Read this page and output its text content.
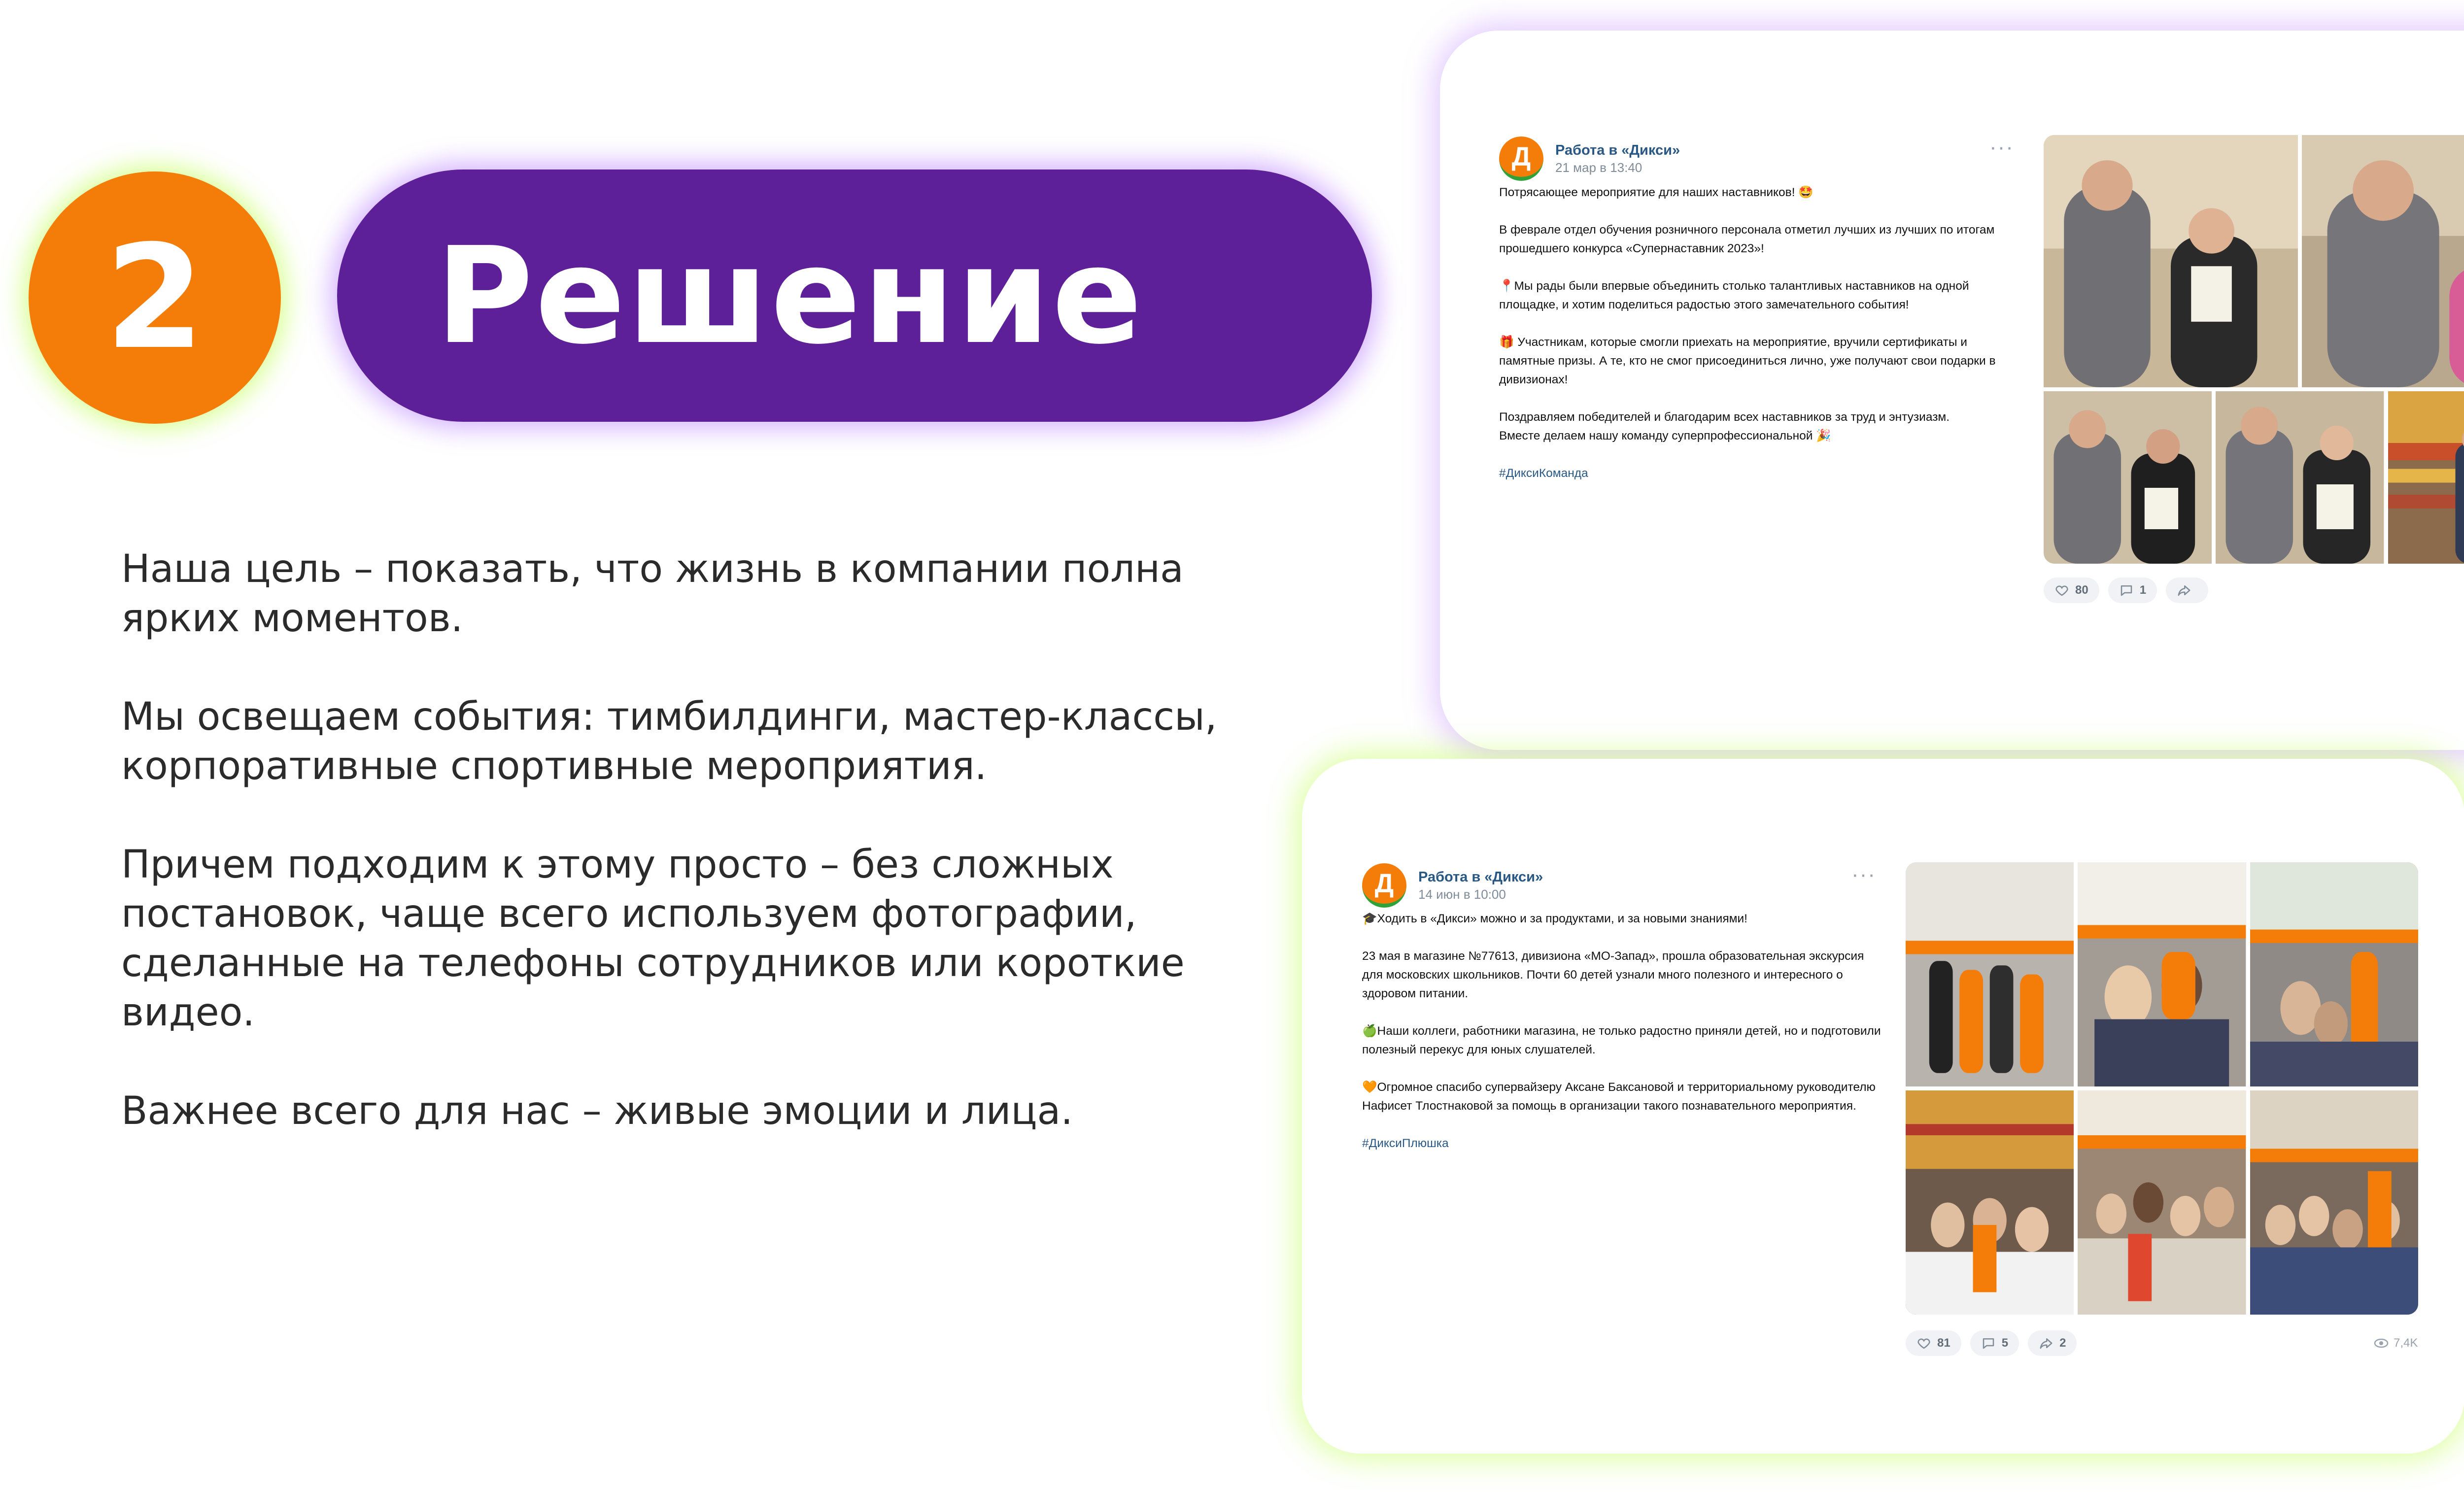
2	Решение

Наша цель – показать, что жизнь в компании полна ярких моментов.

Мы освещаем события: тимбилдинги, мастер-классы, корпоративные спортивные мероприятия.

Причем подходим к этому просто – без сложных постановок, чаще всего используем фотографии, сделанные на телефоны сотрудников или короткие видео.

Важнее всего для нас – живые эмоции и лица.

Д	Работа в «Дикси»
21 мар в 13:40
···

Потрясающее мероприятие для наших наставников! 🤩

В феврале отдел обучения розничного персонала отметил лучших из лучших по итогам прошедшего конкурса «Супернаставник 2023»!

📍Мы рады были впервые объединить столько талантливых наставников на одной площадке, и хотим поделиться радостью этого замечательного события!

🎁 Участникам, которые смогли приехать на мероприятие, вручили сертификаты и памятные призы. А те, кто не смог присоединиться лично, уже получают свои подарки в дивизионах!

Поздравляем победителей и благодарим всех наставников за труд и энтузиазм.

Вместе делаем нашу команду суперпрофессиональной 🎉

#ДиксиКоманда

80	1
Д	Работа в «Дикси»
14 июн в 10:00
···

🎓Ходить в «Дикси» можно и за продуктами, и за новыми знаниями!

23 мая в магазине №77613, дивизиона «МО-Запад», прошла образовательная экскурсия для московских школьников. Почти 60 детей узнали много полезного и интересного о здоровом питании.

🍏Наши коллеги, работники магазина, не только радостно приняли детей, но и подготовили полезный перекус для юных слушателей.

🧡Огромное спасибо супервайзеру Аксане Баксановой и территориальному руководителю Нафисет Тлостнаковой за помощь в организации такого познавательного мероприятия.

#ДиксиПлюшка

81	5	2	7,4K
